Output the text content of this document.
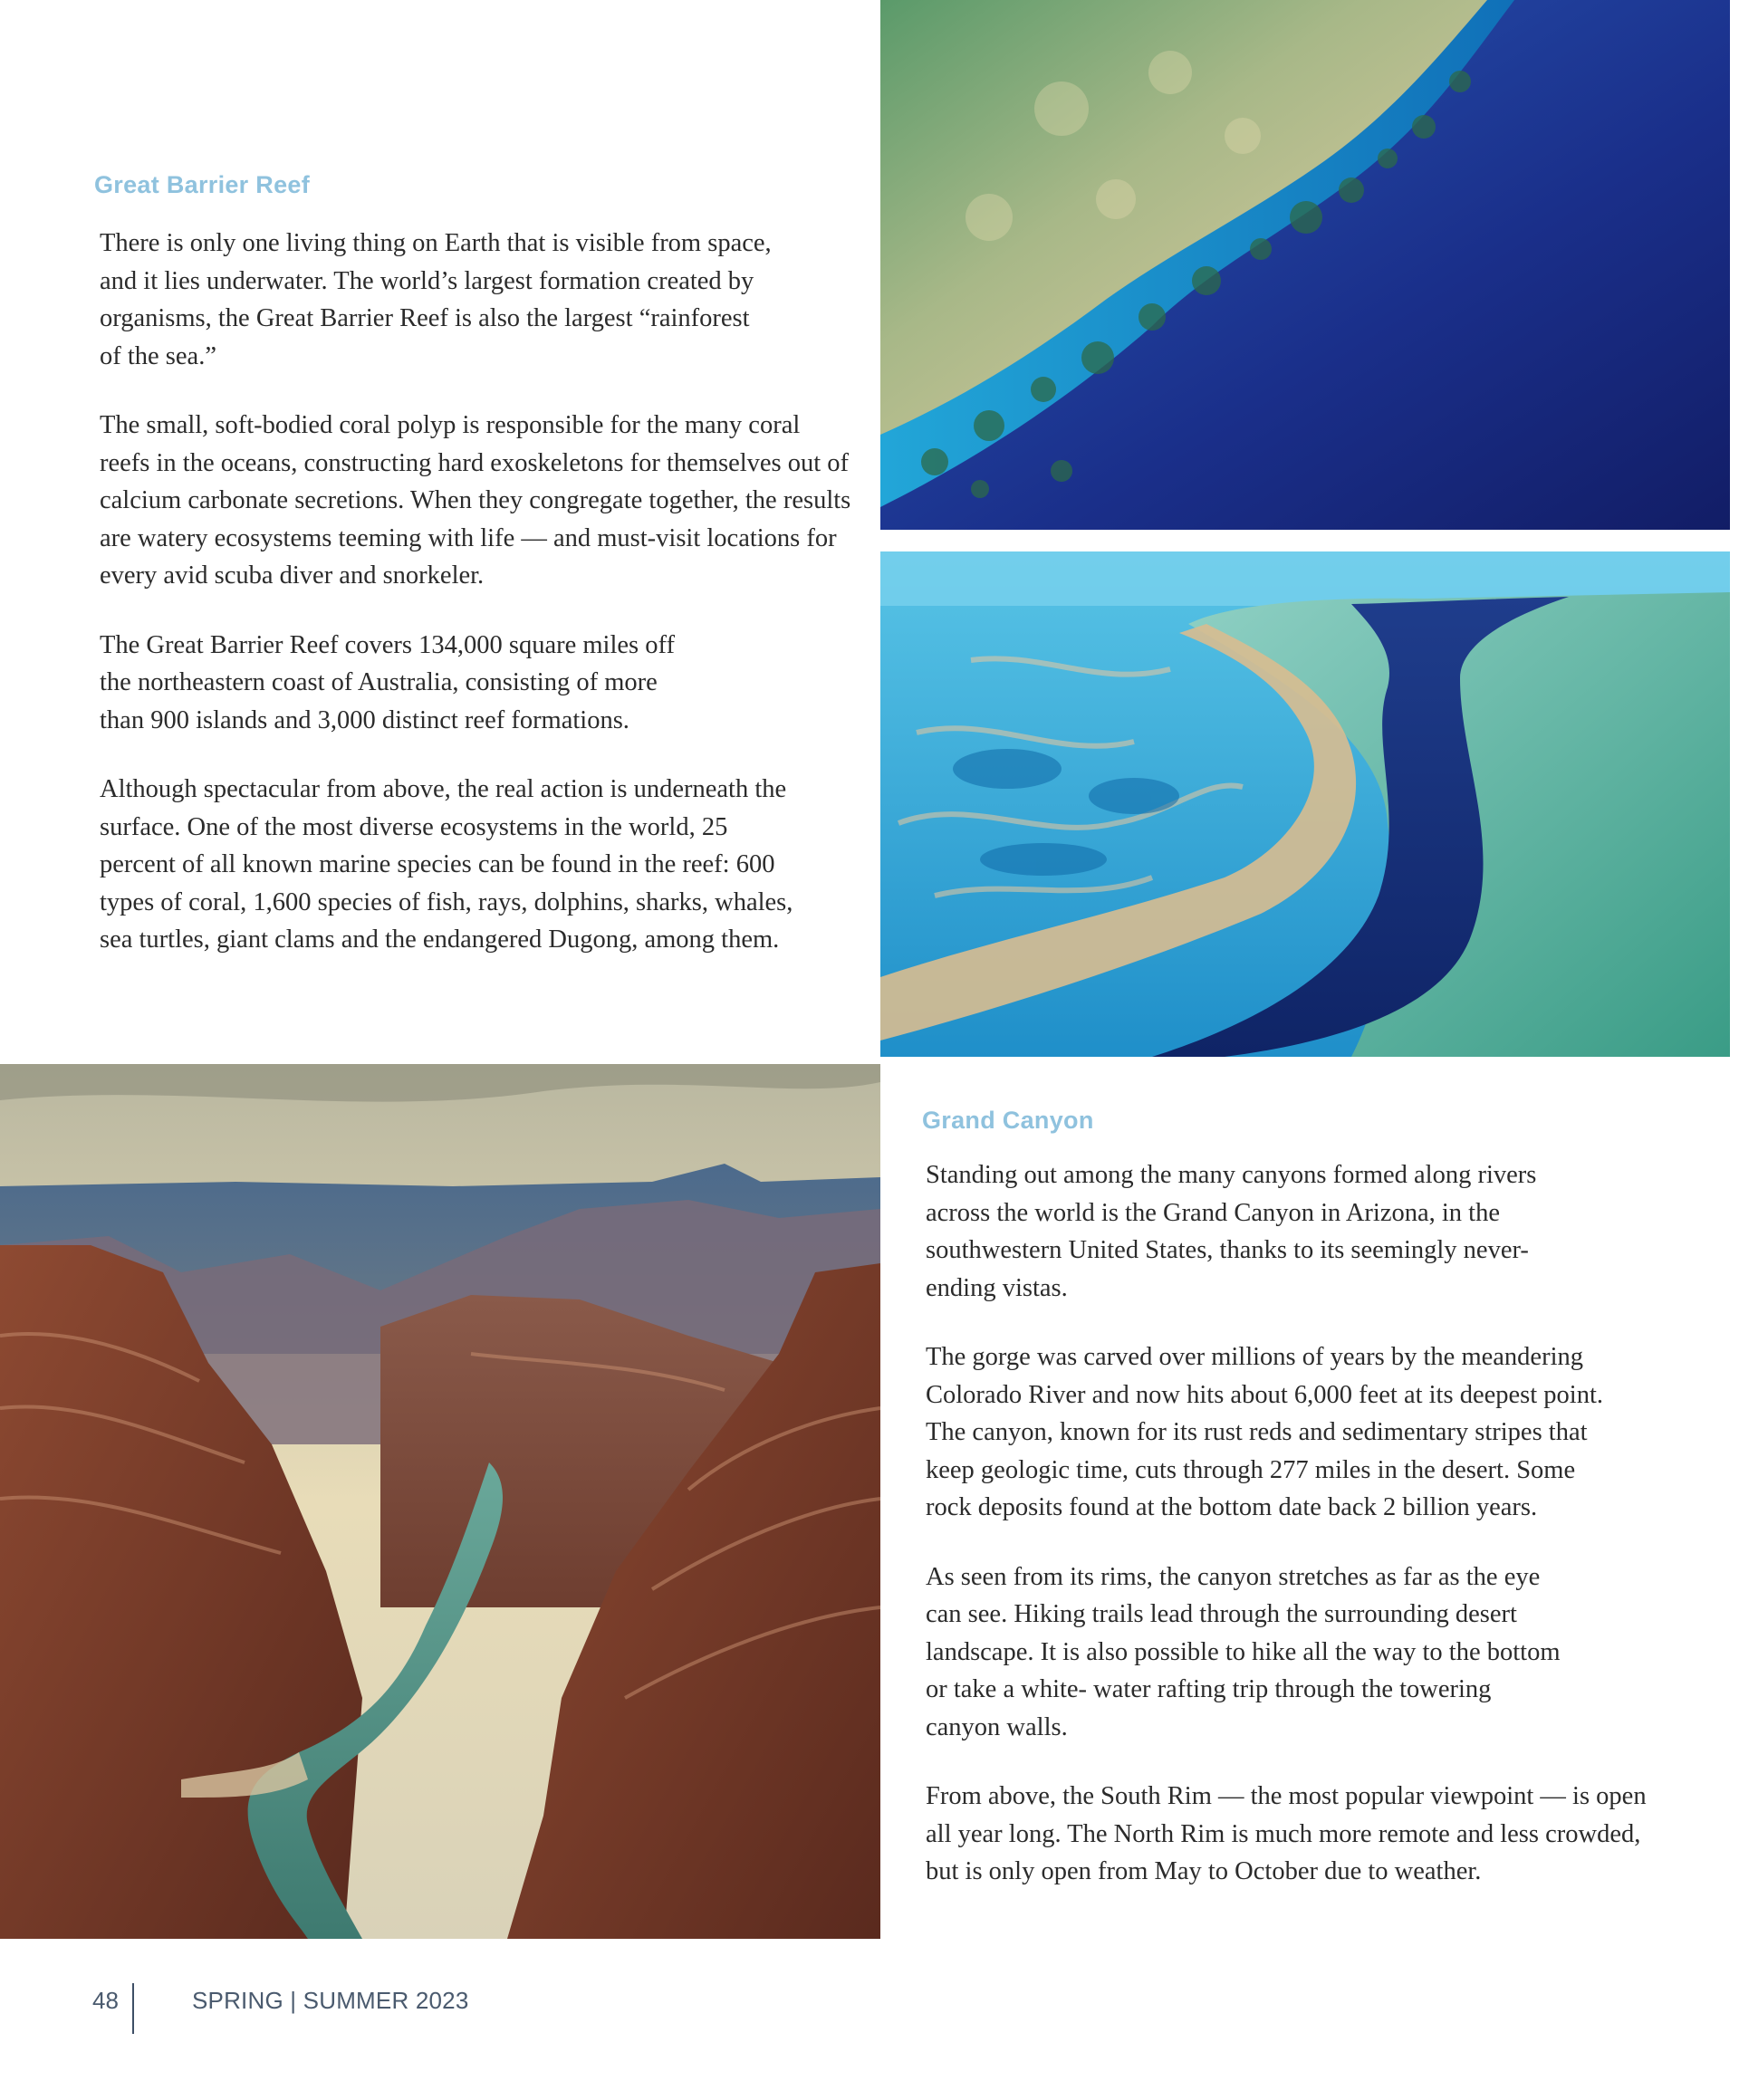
Great Barrier Reef

There is only one living thing on Earth that is visible from space, and it lies underwater. The world’s largest formation created by organisms, the Great Barrier Reef is also the largest “rainforest of the sea.”

The small, soft-bodied coral polyp is responsible for the many coral reefs in the oceans, constructing hard exoskeletons for themselves out of calcium carbonate secretions. When they congregate together, the results are watery ecosystems teeming with life — and must-visit locations for every avid scuba diver and snorkeler.

The Great Barrier Reef covers 134,000 square miles off the northeastern coast of Australia, consisting of more than 900 islands and 3,000 distinct reef formations.

Although spectacular from above, the real action is underneath the surface. One of the most diverse ecosystems in the world, 25 percent of all known marine species can be found in the reef: 600 types of coral, 1,600 species of fish, rays, dolphins, sharks, whales, sea turtles, giant clams and the endangered Dugong, among them.

Grand Canyon

Standing out among the many canyons formed along rivers across the world is the Grand Canyon in Arizona, in the southwestern United States, thanks to its seemingly never-ending vistas.

The gorge was carved over millions of years by the meandering Colorado River and now hits about 6,000 feet at its deepest point. The canyon, known for its rust reds and sedimentary stripes that keep geologic time, cuts through 277 miles in the desert. Some rock deposits found at the bottom date back 2 billion years.

As seen from its rims, the canyon stretches as far as the eye can see. Hiking trails lead through the surrounding desert landscape. It is also possible to hike all the way to the bottom or take a white- water rafting trip through the towering canyon walls.

From above, the South Rim — the most popular viewpoint — is open all year long. The North Rim is much more remote and less crowded, but is only open from May to October due to weather.

48	SPRING | SUMMER 2023
